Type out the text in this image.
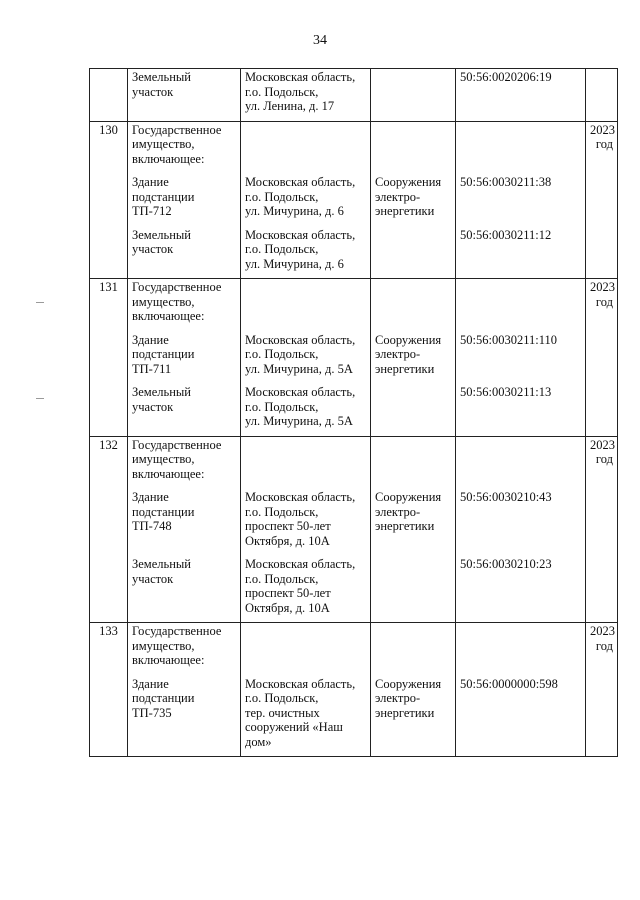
34

	Земельный
участок	Московская область,
г.о. Подольск,
ул. Ленина, д. 17		50:56:0020206:19	

130	Государственное
имущество,
включающее:				2023
год

	Здание
подстанции
ТП-712	Московская область,
г.о. Подольск,
ул. Мичурина, д. 6	Сооружения
электро-
энергетики	50:56:0030211:38	

	Земельный
участок	Московская область,
г.о. Подольск,
ул. Мичурина, д. 6		50:56:0030211:12	

131	Государственное
имущество,
включающее:				2023
год

	Здание
подстанции
ТП-711	Московская область,
г.о. Подольск,
ул. Мичурина, д. 5А	Сооружения
электро-
энергетики	50:56:0030211:110	

	Земельный
участок	Московская область,
г.о. Подольск,
ул. Мичурина, д. 5А		50:56:0030211:13	

132	Государственное
имущество,
включающее:				2023
год

	Здание
подстанции
ТП-748	Московская область,
г.о. Подольск,
проспект 50-лет
Октября, д. 10А	Сооружения
электро-
энергетики	50:56:0030210:43	

	Земельный
участок	Московская область,
г.о. Подольск,
проспект 50-лет
Октября, д. 10А		50:56:0030210:23	

133	Государственное
имущество,
включающее:				2023
год

	Здание
подстанции
ТП-735	Московская область,
г.о. Подольск,
тер. очистных
сооружений «Наш
дом»	Сооружения
электро-
энергетики	50:56:0000000:598	
